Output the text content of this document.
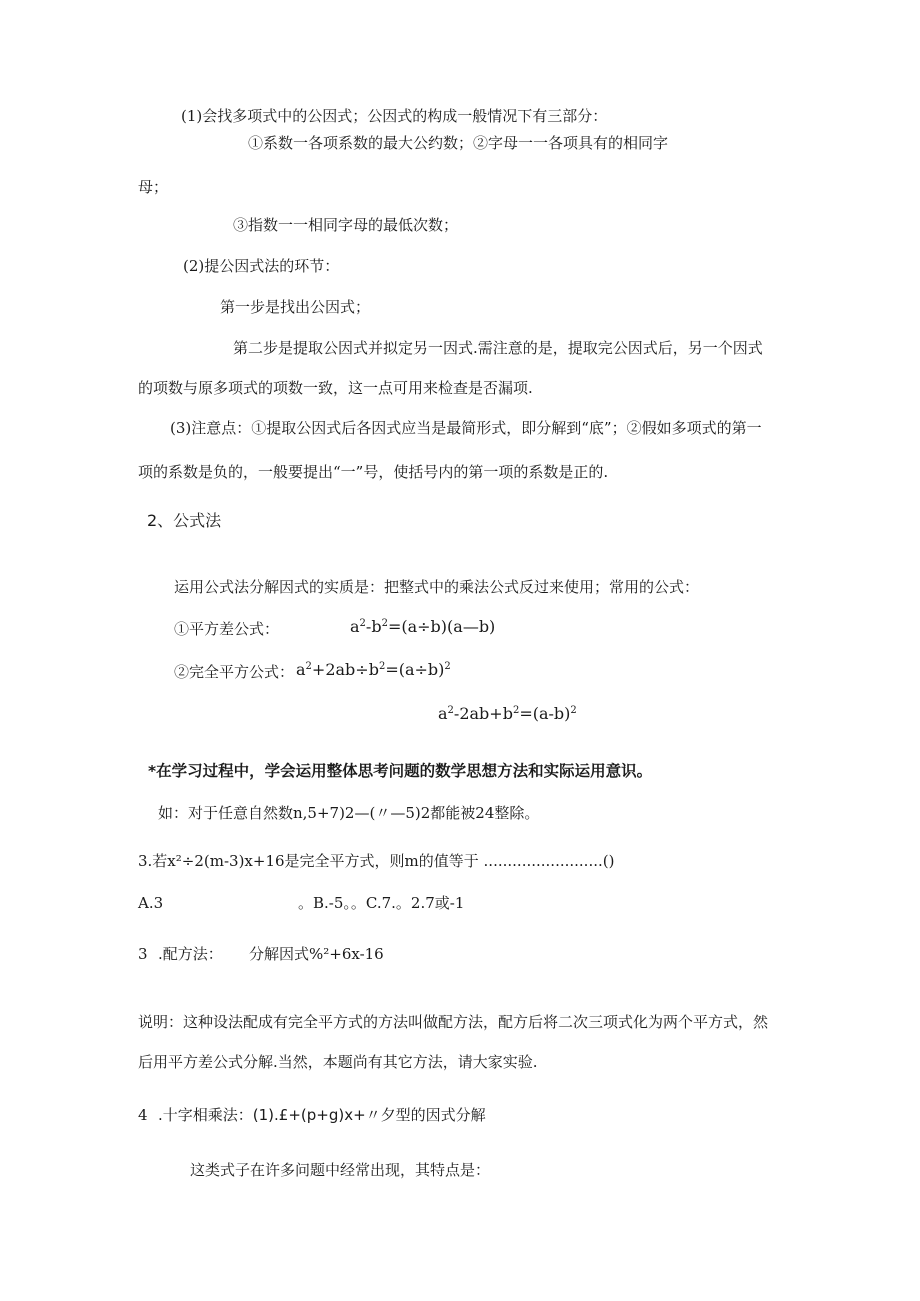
(1)会找多项式中的公因式；公因式的构成一般情况下有三部分：
①系数一各项系数的最大公约数；②字母一一各项具有的相同字
母；
③指数一一相同字母的最低次数；
(2)提公因式法的环节：
第一步是找出公因式；
第二步是提取公因式并拟定另一因式.需注意的是，提取完公因式后，另一个因式
的项数与原多项式的项数一致，这一点可用来检查是否漏项.
(3)注意点：①提取公因式后各因式应当是最简形式，即分解到“底”；②假如多项式的第一
项的系数是负的，一般要提出“一”号，使括号内的第一项的系数是正的.
2、公式法
运用公式法分解因式的实质是：把整式中的乘法公式反过来使用；常用的公式：
①平方差公式：	$a^2-b^2=(a\div b)(a—b)$
②完全平方公式： $a^2+2ab\div b^2=(a\div b)^2$
$a^2-2ab+b^2=(a-b)^2$
*在学习过程中，学会运用整体思考问题的数学思想方法和实际运用意识。
如：对于任意自然数n,5+7)2—(〃—5)2都能被24整除。
3.若x²÷2(m-3)x+16是完全平方式，则m的值等于 .........................()
A.3	。B.-5。。C.7.。2.7或-1
3 .配方法： 分解因式%²+6x-16
说明：这种设法配成有完全平方式的方法叫做配方法，配方后将二次三项式化为两个平方式，然
后用平方差公式分解.当然，本题尚有其它方法，请大家实验.
4 .十字相乘法：(1).£+(p+g)x+〃夕型的因式分解
这类式子在许多问题中经常出现，其特点是：
